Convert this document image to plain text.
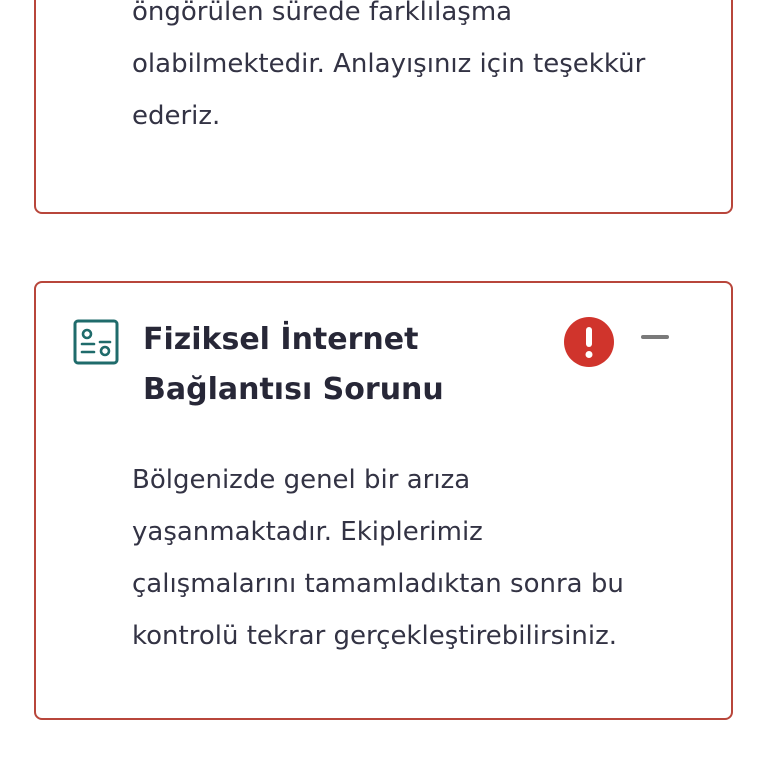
öngörülen sürede farklılaşma
olabilmektedir. Anlayışınız için teşekkür
ederiz.

Fiziksel İnternet
Bağlantısı Sorunu

Bölgenizde genel bir arıza
yaşanmaktadır. Ekiplerimiz
çalışmalarını tamamladıktan sonra bu
kontrolü tekrar gerçekleştirebilirsiniz.
